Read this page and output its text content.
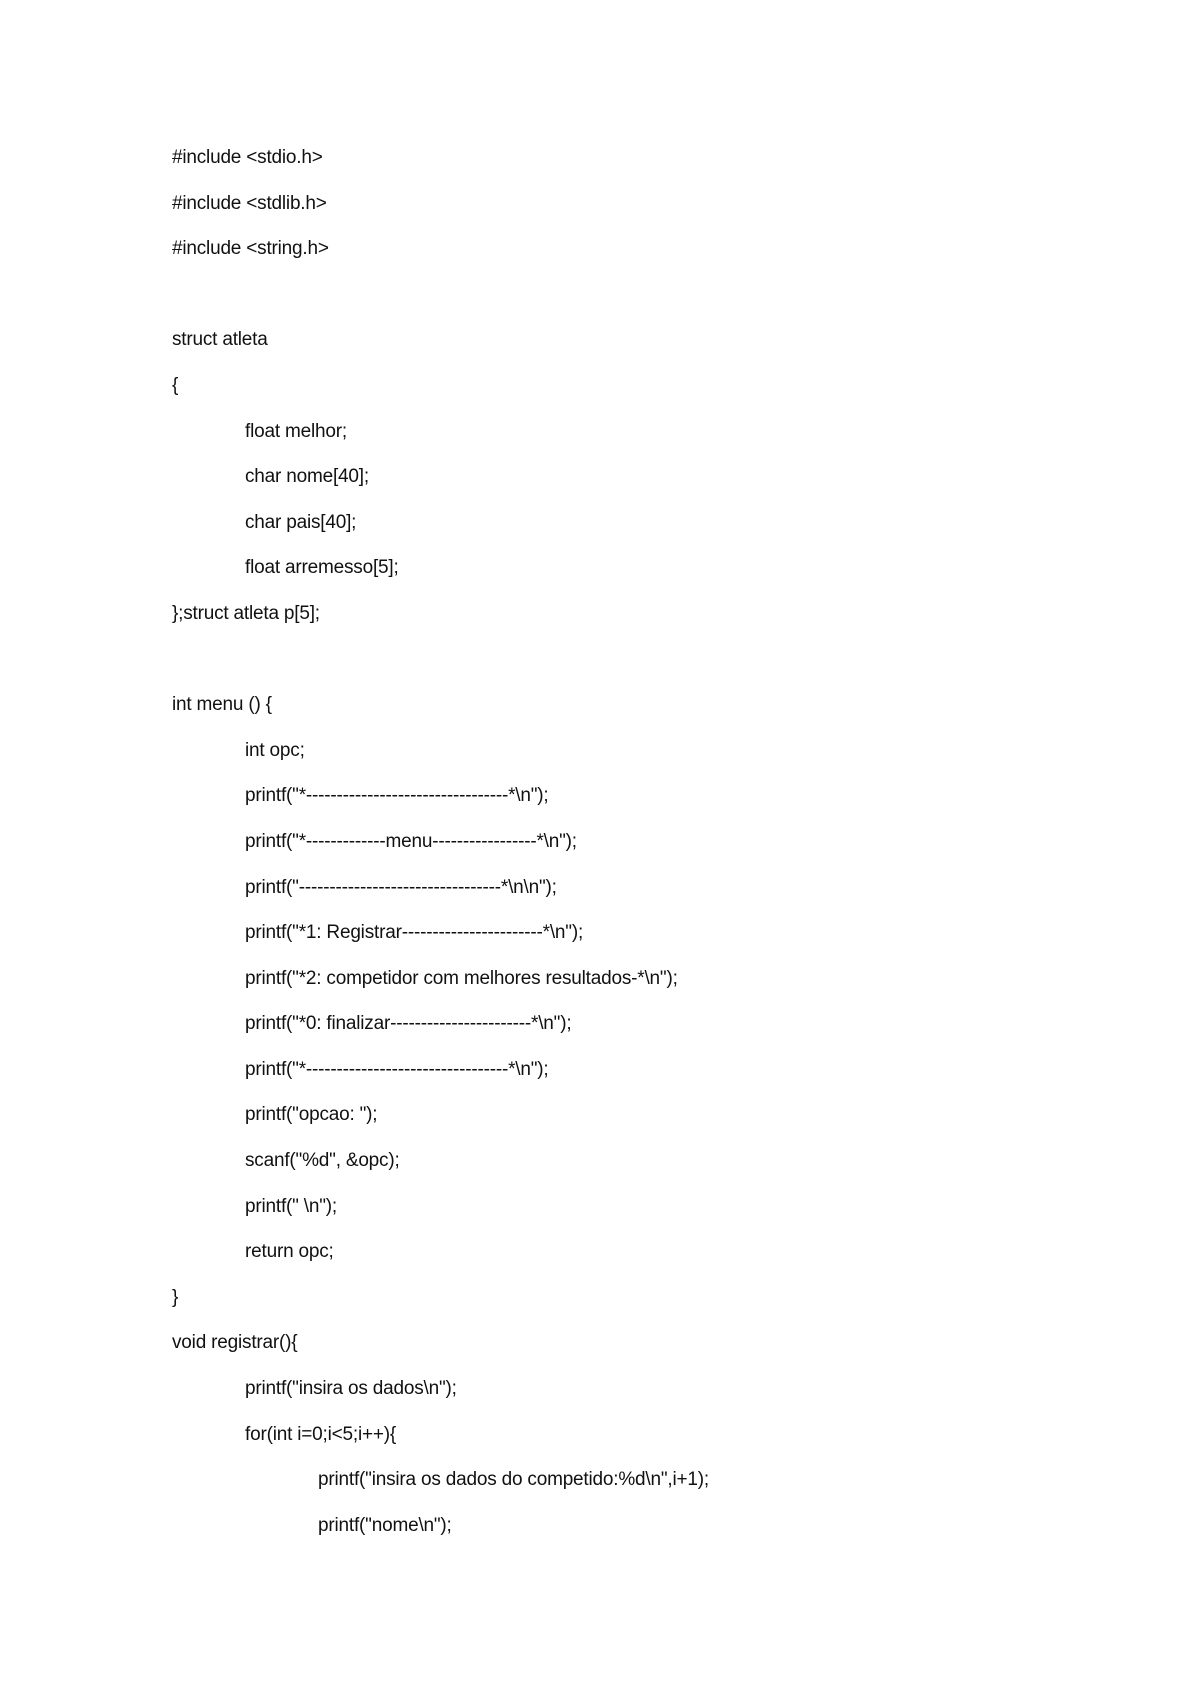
#include <stdio.h>
#include <stdlib.h>
#include <string.h>
struct atleta
{
float melhor;
char nome[40];
char pais[40];
float arremesso[5];
};struct atleta p[5];
int menu () {
int opc;
printf("*---------------------------------*\n");
printf("*-------------menu-----------------*\n");
printf("---------------------------------*\n\n");
printf("*1: Registrar-----------------------*\n");
printf("*2: competidor com melhores resultados-*\n");
printf("*0: finalizar-----------------------*\n");
printf("*---------------------------------*\n");
printf("opcao: ");
scanf("%d", &opc);
printf(" \n");
return opc;
}
void registrar(){
printf("insira os dados\n");
for(int i=0;i<5;i++){
printf("insira os dados do competido:%d\n",i+1);
printf("nome\n");
